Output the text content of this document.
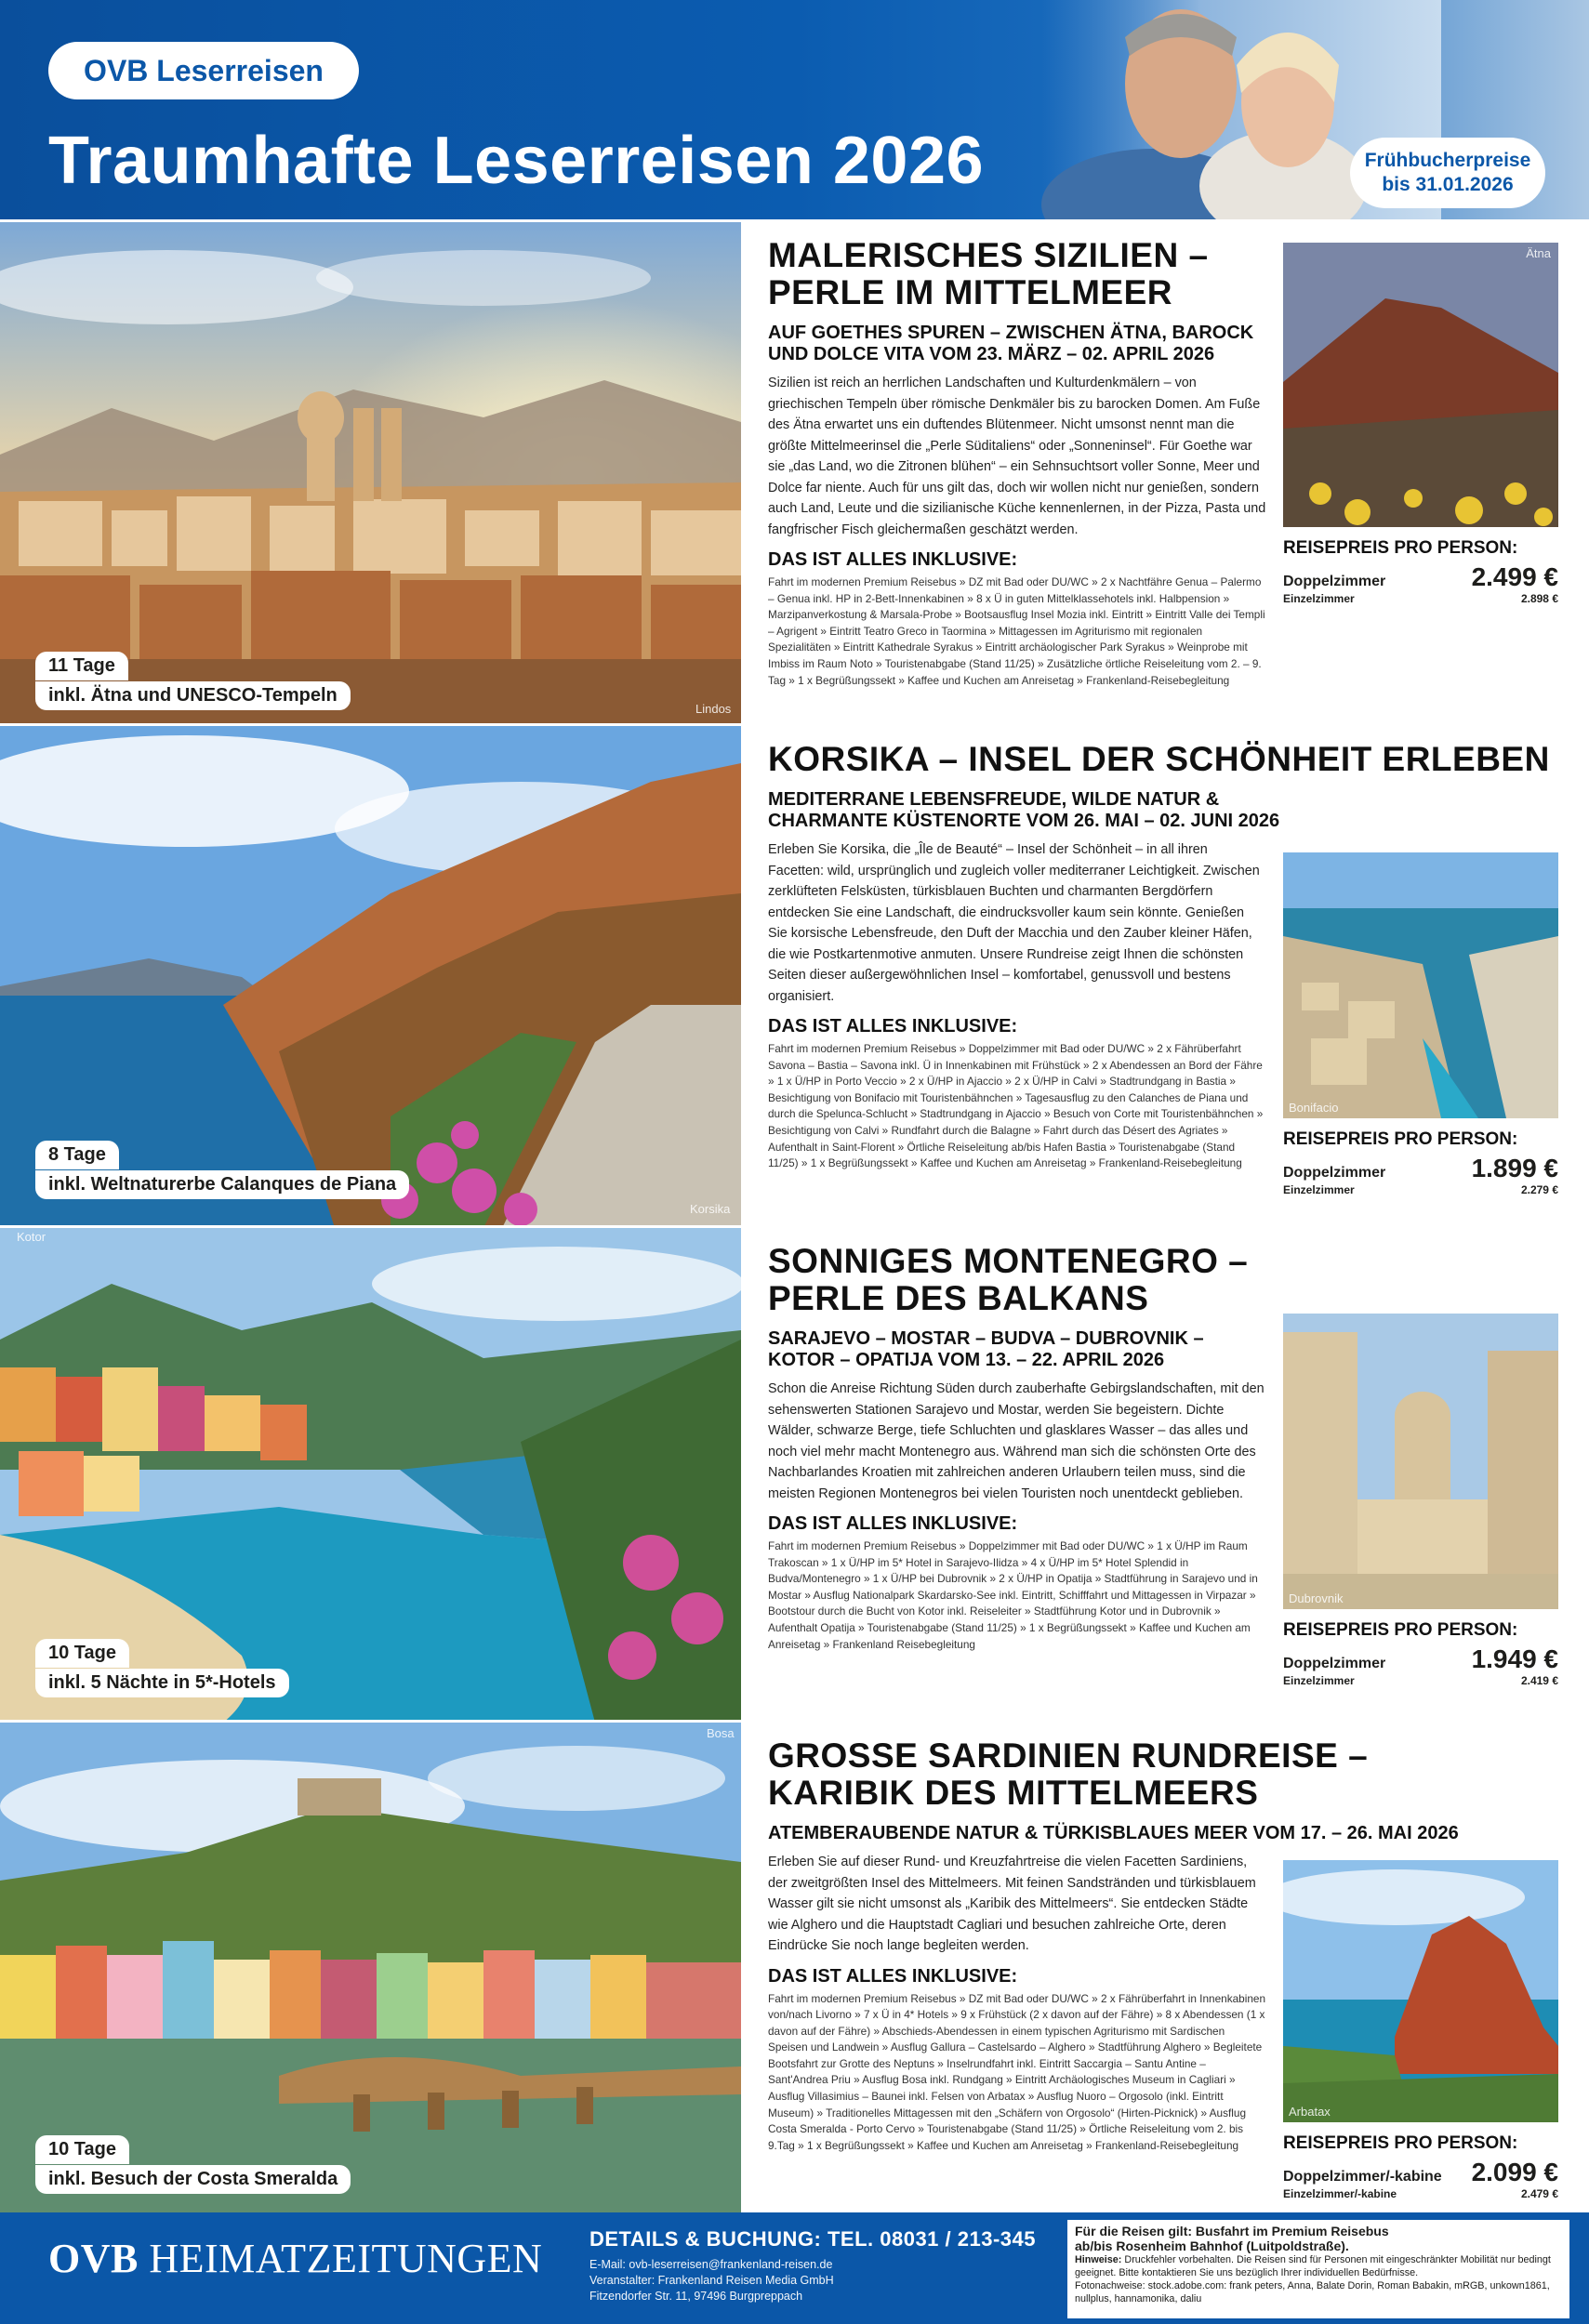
OVB Leserreisen
Traumhafte Leserreisen 2026	Frühbucherpreise
bis 31.01.2026
11 Tage
inkl. Ätna und UNESCO-Tempeln
Lindos
MALERISCHES SIZILIEN –
PERLE IM MITTELMEER
AUF GOETHES SPUREN – ZWISCHEN ÄTNA, BAROCK
UND DOLCE VITA VOM 23. MÄRZ – 02. APRIL 2026
Sizilien ist reich an herrlichen Landschaften und Kulturdenkmälern – von griechischen Tempeln über römische Denkmäler bis zu barocken Domen. Am Fuße des Ätna erwartet uns ein duftendes Blütenmeer. Nicht umsonst nennt man die größte Mittelmeerinsel die „Perle Süditaliens“ oder „Sonneninsel“. Für Goethe war sie „das Land, wo die Zitronen blühen“ – ein Sehnsuchtsort voller Sonne, Meer und Dolce far niente. Auch für uns gilt das, doch wir wollen nicht nur genießen, sondern auch Land, Leute und die sizilianische Küche kennenlernen, in der Pizza, Pasta und fangfrischer Fisch gleichermaßen geschätzt werden.
DAS IST ALLES INKLUSIVE:
Fahrt im modernen Premium Reisebus » DZ mit Bad oder DU/WC » 2 x Nachtfähre Genua – Palermo – Genua inkl. HP in 2-Bett-Innenkabinen » 8 x Ü in guten Mittelklassehotels inkl. Halbpension » Marzipanverkostung & Marsala-Probe » Bootsausflug Insel Mozia inkl. Eintritt » Eintritt Valle dei Templi – Agrigent » Eintritt Teatro Greco in Taormina » Mittagessen im Agriturismo mit regionalen Spezialitäten » Eintritt Kathedrale Syrakus » Eintritt archäologischer Park Syrakus » Weinprobe mit Imbiss im Raum Noto » Touristenabgabe (Stand 11/25) » Zusätzliche örtliche Reiseleitung vom 2. – 9. Tag » 1 x Begrüßungssekt » Kaffee und Kuchen am Anreisetag » Frankenland-Reisebegleitung
Ätna
REISEPREIS PRO PERSON:
Doppelzimmer	2.499 €
Einzelzimmer	2.898 €
8 Tage
inkl. Weltnaturerbe Calanques de Piana
Korsika
KORSIKA – INSEL DER SCHÖNHEIT ERLEBEN
MEDITERRANE LEBENSFREUDE, WILDE NATUR &
CHARMANTE KÜSTENORTE VOM 26. MAI – 02. JUNI 2026
Erleben Sie Korsika, die „Île de Beauté“ – Insel der Schönheit – in all ihren Facetten: wild, ursprünglich und zugleich voller mediterraner Leichtigkeit. Zwischen zerklüfteten Felsküsten, türkisblauen Buchten und charmanten Bergdörfern entdecken Sie eine Landschaft, die eindrucksvoller kaum sein könnte. Genießen Sie korsische Lebensfreude, den Duft der Macchia und den Zauber kleiner Häfen, die wie Postkartenmotive anmuten. Unsere Rundreise zeigt Ihnen die schönsten Seiten dieser außergewöhnlichen Insel – komfortabel, genussvoll und bestens organisiert.
DAS IST ALLES INKLUSIVE:
Fahrt im modernen Premium Reisebus » Doppelzimmer mit Bad oder DU/WC » 2 x Fährüberfahrt Savona – Bastia – Savona inkl. Ü in Innenkabinen mit Frühstück » 2 x Abendessen an Bord der Fähre » 1 x Ü/HP in Porto Veccio » 2 x Ü/HP in Ajaccio » 2 x Ü/HP in Calvi » Stadtrundgang in Bastia » Besichtigung von Bonifacio mit Touristenbähnchen » Tagesausflug zu den Calanches de Piana und durch die Spelunca-Schlucht » Stadtrundgang in Ajaccio » Besuch von Corte mit Touristenbähnchen » Besichtigung von Calvi » Rundfahrt durch die Balagne » Fahrt durch das Désert des Agriates » Aufenthalt in Saint-Florent » Örtliche Reiseleitung ab/bis Hafen Bastia » Touristenabgabe (Stand 11/25) » 1 x Begrüßungssekt » Kaffee und Kuchen am Anreisetag » Frankenland-Reisebegleitung
Bonifacio
REISEPREIS PRO PERSON:
Doppelzimmer	1.899 €
Einzelzimmer	2.279 €
Kotor
10 Tage
inkl. 5 Nächte in 5*-Hotels
SONNIGES MONTENEGRO –
PERLE DES BALKANS
SARAJEVO – MOSTAR – BUDVA – DUBROVNIK –
KOTOR – OPATIJA VOM 13. – 22. APRIL 2026
Schon die Anreise Richtung Süden durch zauberhafte Gebirgslandschaften, mit den sehenswerten Stationen Sarajevo und Mostar, werden Sie begeistern. Dichte Wälder, schwarze Berge, tiefe Schluchten und glasklares Wasser – das alles und noch viel mehr macht Montenegro aus. Während man sich die schönsten Orte des Nachbarlandes Kroatien mit zahlreichen anderen Urlaubern teilen muss, sind die meisten Regionen Montenegros bei vielen Touristen noch unentdeckt geblieben.
DAS IST ALLES INKLUSIVE:
Fahrt im modernen Premium Reisebus » Doppelzimmer mit Bad oder DU/WC » 1 x Ü/HP im Raum Trakoscan » 1 x Ü/HP im 5* Hotel in Sarajevo-Ilidza » 4 x Ü/HP im 5* Hotel Splendid in Budva/Montenegro » 1 x Ü/HP bei Dubrovnik » 2 x Ü/HP in Opatija » Stadtführung in Sarajevo und in Mostar » Ausflug Nationalpark Skardarsko-See inkl. Eintritt, Schifffahrt und Mittagessen in Virpazar » Bootstour durch die Bucht von Kotor inkl. Reiseleiter » Stadtführung Kotor und in Dubrovnik » Aufenthalt Opatija » Touristenabgabe (Stand 11/25) » 1 x Begrüßungssekt » Kaffee und Kuchen am Anreisetag » Frankenland Reisebegleitung
Dubrovnik
REISEPREIS PRO PERSON:
Doppelzimmer	1.949 €
Einzelzimmer	2.419 €
Bosa
10 Tage
inkl. Besuch der Costa Smeralda
GROSSE SARDINIEN RUNDREISE –
KARIBIK DES MITTELMEERS
ATEMBERAUBENDE NATUR & TÜRKISBLAUES MEER VOM 17. – 26. MAI 2026
Erleben Sie auf dieser Rund- und Kreuzfahrtreise die vielen Facetten Sardiniens, der zweitgrößten Insel des Mittelmeers. Mit feinen Sandstränden und türkisblauem Wasser gilt sie nicht umsonst als „Karibik des Mittelmeers“. Sie entdecken Städte wie Alghero und die Hauptstadt Cagliari und besuchen zahlreiche Orte, deren Eindrücke Sie noch lange begleiten werden.
DAS IST ALLES INKLUSIVE:
Fahrt im modernen Premium Reisebus » DZ mit Bad oder DU/WC » 2 x Fährüberfahrt in Innenkabinen von/nach Livorno » 7 x Ü in 4* Hotels » 9 x Frühstück (2 x davon auf der Fähre) » 8 x Abendessen (1 x davon auf der Fähre) » Abschieds-Abendessen in einem typischen Agriturismo mit Sardischen Speisen und Landwein » Ausflug Gallura – Castelsardo – Alghero » Stadtführung Alghero » Begleitete Bootsfahrt zur Grotte des Neptuns » Inselrundfahrt inkl. Eintritt Saccargia – Santu Antine – Sant'Andrea Priu » Ausflug Bosa inkl. Rundgang » Eintritt Archäologisches Museum in Cagliari » Ausflug Villasimius – Baunei inkl. Felsen von Arbatax » Ausflug Nuoro – Orgosolo (inkl. Eintritt Museum) » Traditionelles Mittagessen mit den „Schäfern von Orgosolo“ (Hirten-Picknick) » Ausflug Costa Smeralda - Porto Cervo » Touristenabgabe (Stand 11/25) » Örtliche Reiseleitung vom 2. bis 9.Tag » 1 x Begrüßungssekt » Kaffee und Kuchen am Anreisetag » Frankenland-Reisebegleitung
Arbatax
REISEPREIS PRO PERSON:
Doppelzimmer/-kabine 2.099 €
Einzelzimmer/-kabine	2.479 €
OVB HEIMATZEITUNGEN DETAILS & BUCHUNG: TEL. 08031 / 213-345
E-Mail: ovb-leserreisen@frankenland-reisen.de
Veranstalter: Frankenland Reisen Media GmbH
Fitzendorfer Str. 11, 97496 Burgpreppach
Für die Reisen gilt: Busfahrt im Premium Reisebus
ab/bis Rosenheim Bahnhof (Luitpoldstraße).
Hinweise: Druckfehler vorbehalten. Die Reisen sind für Personen mit eingeschränkter Mobilität nur bedingt geeignet. Bitte kontaktieren Sie uns bezüglich Ihrer individuellen Bedürfnisse.
Fotonachweise: stock.adobe.com: frank peters, Anna, Balate Dorin, Roman Babakin, mRGB, unkown1861, nullplus, hannamonika, daliu
